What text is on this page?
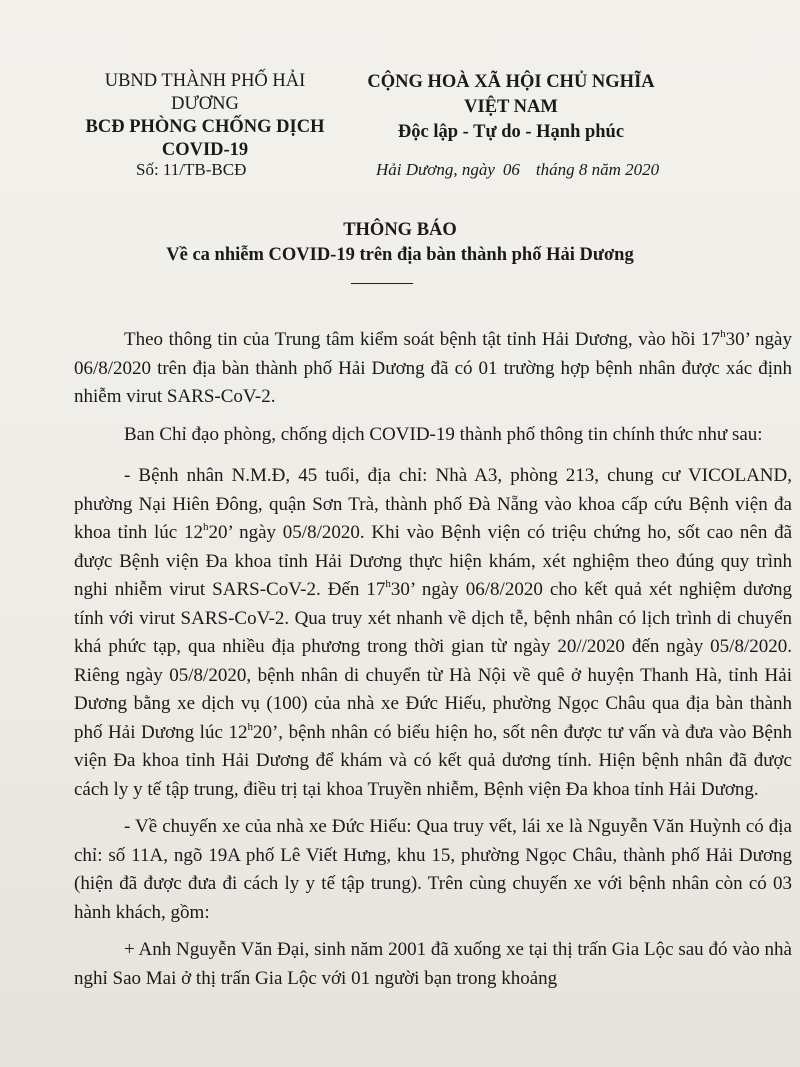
UBND THÀNH PHỐ HẢI DƯƠNG
BCĐ PHÒNG CHỐNG DỊCH
COVID-19
CỘNG HOÀ XÃ HỘI CHỦ NGHĨA VIỆT NAM
Độc lập - Tự do - Hạnh phúc
Số: 11/TB-BCĐ	Hải Dương, ngày 06 tháng 8 năm 2020
THÔNG BÁO
Về ca nhiễm COVID-19 trên địa bàn thành phố Hải Dương

Theo thông tin của Trung tâm kiểm soát bệnh tật tỉnh Hải Dương, vào hồi 17$^h$30’ ngày 06/8/2020 trên địa bàn thành phố Hải Dương đã có 01 trường hợp bệnh nhân được xác định nhiễm virut SARS-CoV-2.

Ban Chỉ đạo phòng, chống dịch COVID-19 thành phố thông tin chính thức như sau:

- Bệnh nhân N.M.Đ, 45 tuổi, địa chỉ: Nhà A3, phòng 213, chung cư VICOLAND, phường Nại Hiên Đông, quận Sơn Trà, thành phố Đà Nẵng vào khoa cấp cứu Bệnh viện đa khoa tỉnh lúc 12$^h$20’ ngày 05/8/2020. Khi vào Bệnh viện có triệu chứng ho, sốt cao nên đã được Bệnh viện Đa khoa tỉnh Hải Dương thực hiện khám, xét nghiệm theo đúng quy trình nghi nhiễm virut SARS-CoV-2. Đến 17$^h$30’ ngày 06/8/2020 cho kết quả xét nghiệm dương tính với virut SARS-CoV-2. Qua truy xét nhanh về dịch tễ, bệnh nhân có lịch trình di chuyển khá phức tạp, qua nhiều địa phương trong thời gian từ ngày 20//2020 đến ngày 05/8/2020. Riêng ngày 05/8/2020, bệnh nhân di chuyển từ Hà Nội về quê ở huyện Thanh Hà, tỉnh Hải Dương bằng xe dịch vụ (100) của nhà xe Đức Hiếu, phường Ngọc Châu qua địa bàn thành phố Hải Dương lúc 12$^h$20’, bệnh nhân có biểu hiện ho, sốt nên được tư vấn và đưa vào Bệnh viện Đa khoa tỉnh Hải Dương để khám và có kết quả dương tính. Hiện bệnh nhân đã được cách ly y tế tập trung, điều trị tại khoa Truyền nhiễm, Bệnh viện Đa khoa tỉnh Hải Dương.

- Về chuyến xe của nhà xe Đức Hiếu: Qua truy vết, lái xe là Nguyễn Văn Huỳnh có địa chỉ: số 11A, ngõ 19A phố Lê Viết Hưng, khu 15, phường Ngọc Châu, thành phố Hải Dương (hiện đã được đưa đi cách ly y tế tập trung). Trên cùng chuyến xe với bệnh nhân còn có 03 hành khách, gồm:

+ Anh Nguyễn Văn Đại, sinh năm 2001 đã xuống xe tại thị trấn Gia Lộc sau đó vào nhà nghỉ Sao Mai ở thị trấn Gia Lộc với 01 người bạn trong khoảng
